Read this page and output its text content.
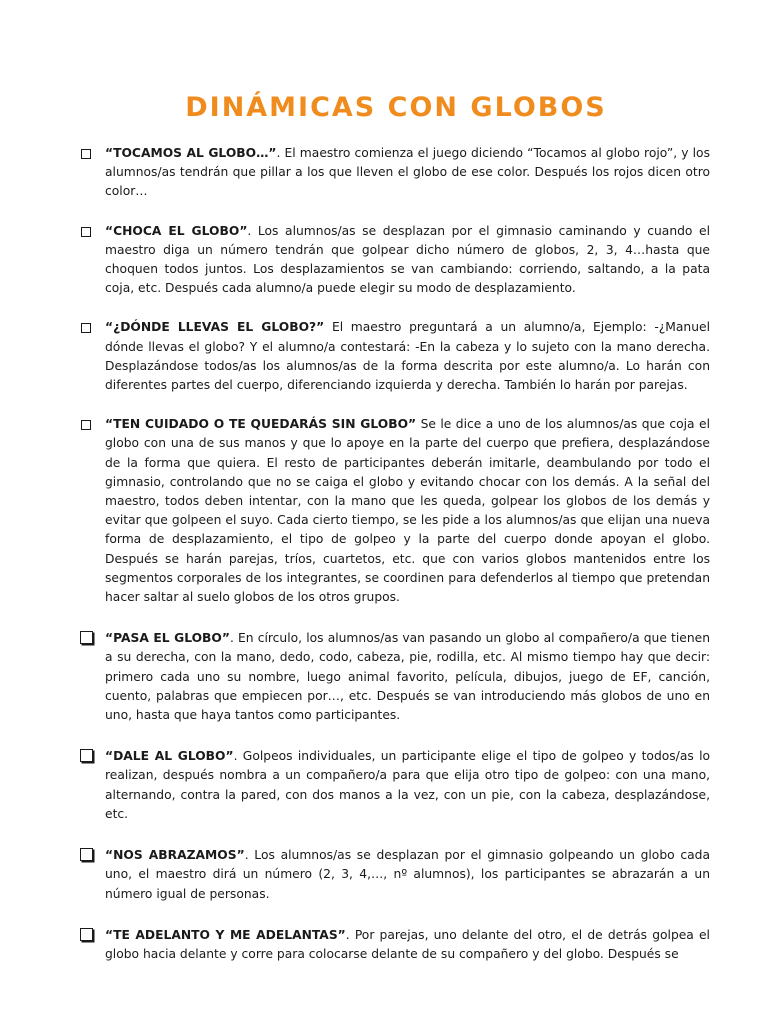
DINÁMICAS CON GLOBOS
“TOCAMOS AL GLOBO…”. El maestro comienza el juego diciendo “Tocamos al globo rojo”, y los alumnos/as tendrán que pillar a los que lleven el globo de ese color. Después los rojos dicen otro color…
“CHOCA EL GLOBO”. Los alumnos/as se desplazan por el gimnasio caminando y cuando el maestro diga un número tendrán que golpear dicho número de globos, 2, 3, 4…hasta que choquen todos juntos. Los desplazamientos se van cambiando: corriendo, saltando, a la pata coja, etc. Después cada alumno/a puede elegir su modo de desplazamiento.
“¿DÓNDE LLEVAS EL GLOBO?” El maestro preguntará a un alumno/a, Ejemplo: -¿Manuel dónde llevas el globo? Y el alumno/a contestará: -En la cabeza y lo sujeto con la mano derecha. Desplazándose todos/as los alumnos/as de la forma descrita por este alumno/a. Lo harán con diferentes partes del cuerpo, diferenciando izquierda y derecha. También lo harán por parejas.
“TEN CUIDADO O TE QUEDARÁS SIN GLOBO” Se le dice a uno de los alumnos/as que coja el globo con una de sus manos y que lo apoye en la parte del cuerpo que prefiera, desplazándose de la forma que quiera. El resto de participantes deberán imitarle, deambulando por todo el gimnasio, controlando que no se caiga el globo y evitando chocar con los demás. A la señal del maestro, todos deben intentar, con la mano que les queda, golpear los globos de los demás y evitar que golpeen el suyo. Cada cierto tiempo, se les pide a los alumnos/as que elijan una nueva forma de desplazamiento, el tipo de golpeo y la parte del cuerpo donde apoyan el globo. Después se harán parejas, tríos, cuartetos, etc. que con varios globos mantenidos entre los segmentos corporales de los integrantes, se coordinen para defenderlos al tiempo que pretendan hacer saltar al suelo globos de los otros grupos.
“PASA EL GLOBO”. En círculo, los alumnos/as van pasando un globo al compañero/a que tienen a su derecha, con la mano, dedo, codo, cabeza, pie, rodilla, etc. Al mismo tiempo hay que decir: primero cada uno su nombre, luego animal favorito, película, dibujos, juego de EF, canción, cuento, palabras que empiecen por…, etc. Después se van introduciendo más globos de uno en uno, hasta que haya tantos como participantes.
“DALE AL GLOBO”. Golpeos individuales, un participante elige el tipo de golpeo y todos/as lo realizan, después nombra a un compañero/a para que elija otro tipo de golpeo: con una mano, alternando, contra la pared, con dos manos a la vez, con un pie, con la cabeza, desplazándose, etc.
“NOS ABRAZAMOS”. Los alumnos/as se desplazan por el gimnasio golpeando un globo cada uno, el maestro dirá un número (2, 3, 4,…, nº alumnos), los participantes se abrazarán a un número igual de personas.
“TE ADELANTO Y ME ADELANTAS”. Por parejas, uno delante del otro, el de detrás golpea el globo hacia delante y corre para colocarse delante de su compañero y del globo. Después se
